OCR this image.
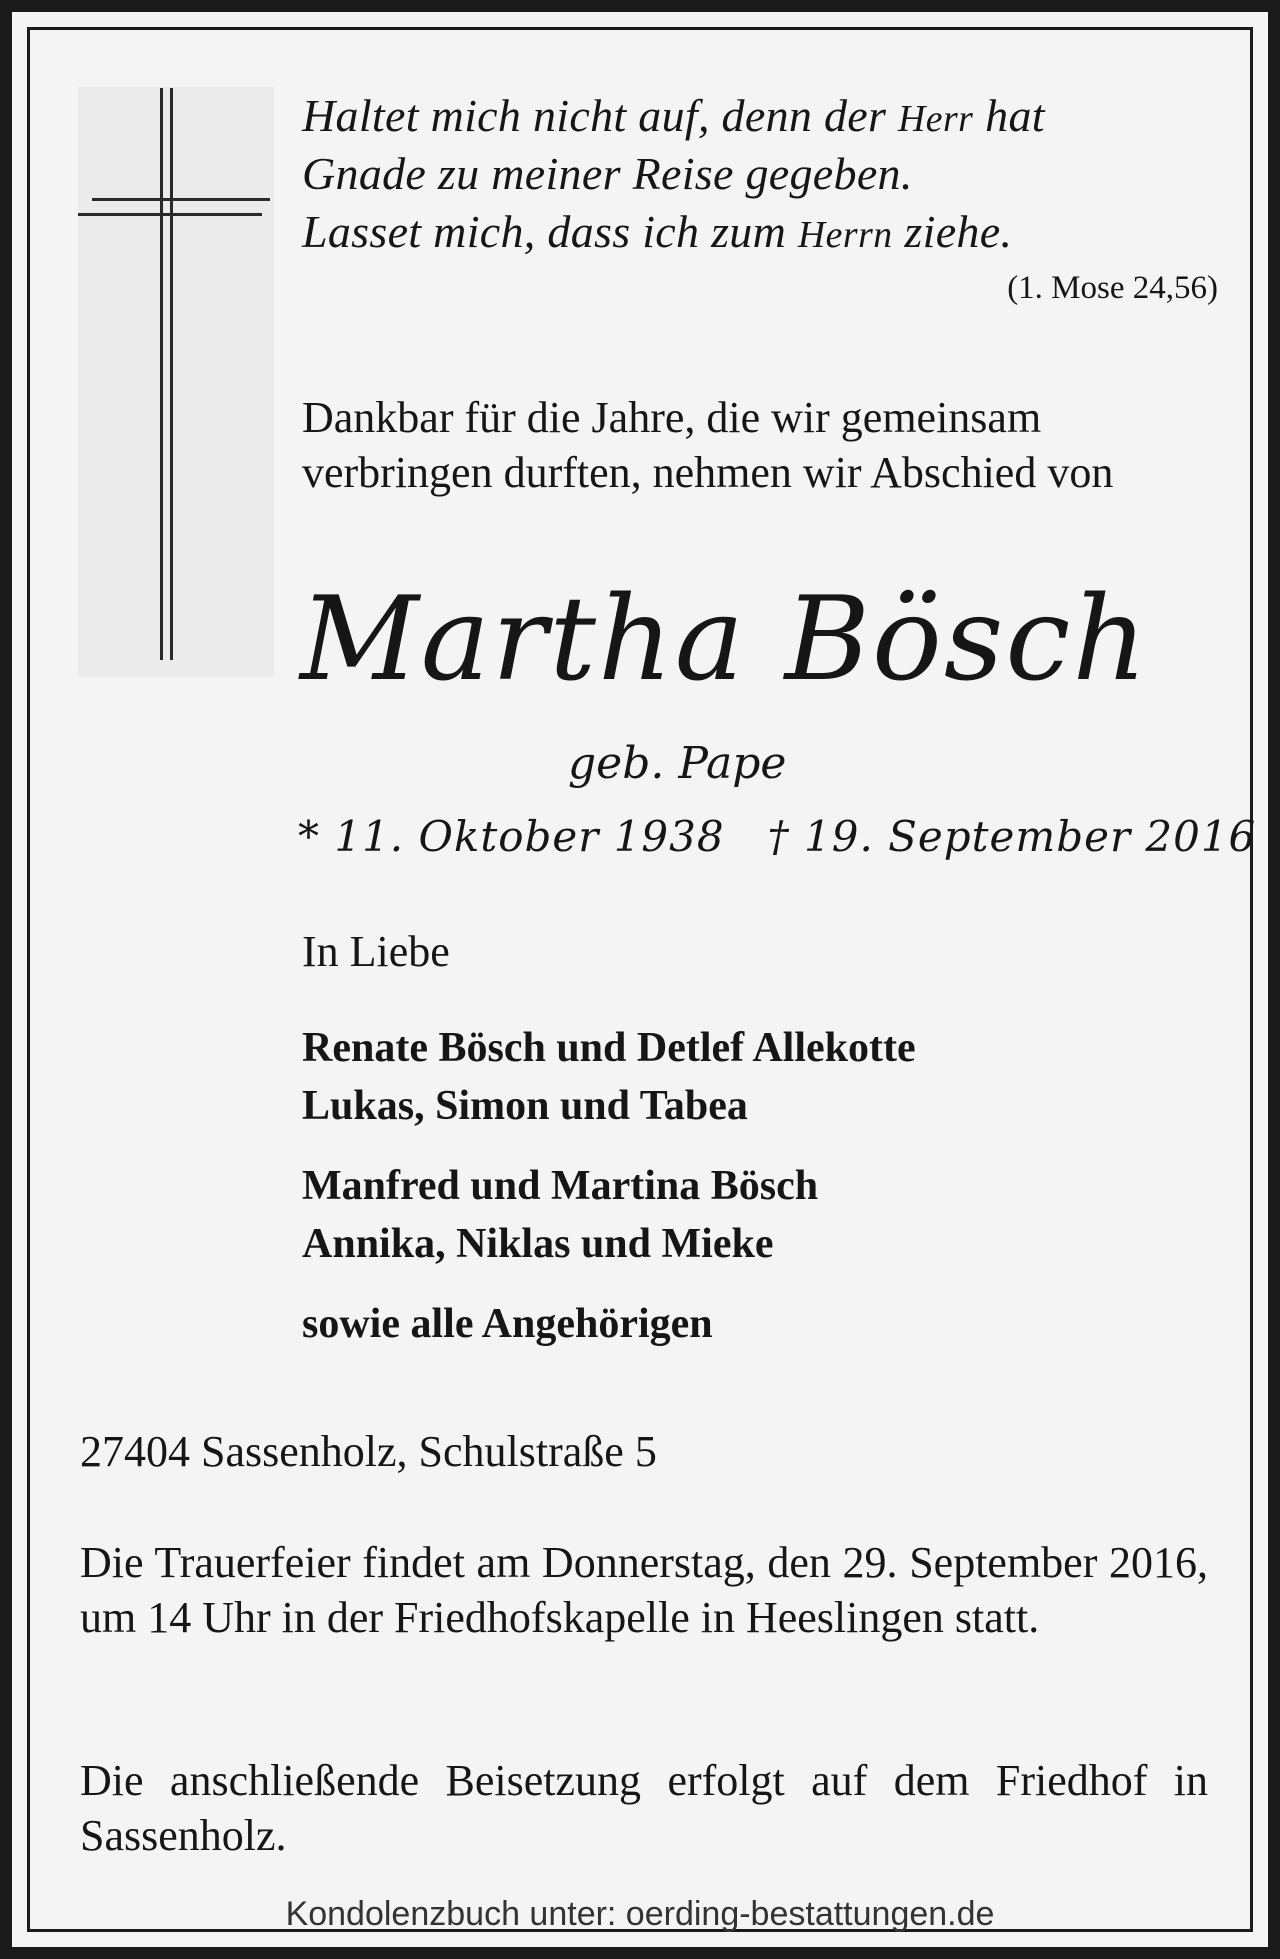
Haltet mich nicht auf, denn der Herr hat

Gnade zu meiner Reise gegeben.

Lasset mich, dass ich zum Herrn ziehe.

(1. Mose 24,56)

Dankbar für die Jahre, die wir gemeinsam

verbringen durften, nehmen wir Abschied von

Martha Bösch

geb. Pape

* 11. Oktober 1938   † 19. September 2016

In Liebe

Renate Bösch und Detlef Allekotte

Lukas, Simon und Tabea

Manfred und Martina Bösch

Annika, Niklas und Mieke

sowie alle Angehörigen

27404 Sassenholz, Schulstraße 5

Die Trauerfeier findet am Donnerstag, den 29. September 2016, um 14 Uhr in der Friedhofskapelle in Heeslingen statt.

Die anschließende Beisetzung erfolgt auf dem Friedhof in Sassenholz.

Kondolenzbuch unter: oerding-bestattungen.de
